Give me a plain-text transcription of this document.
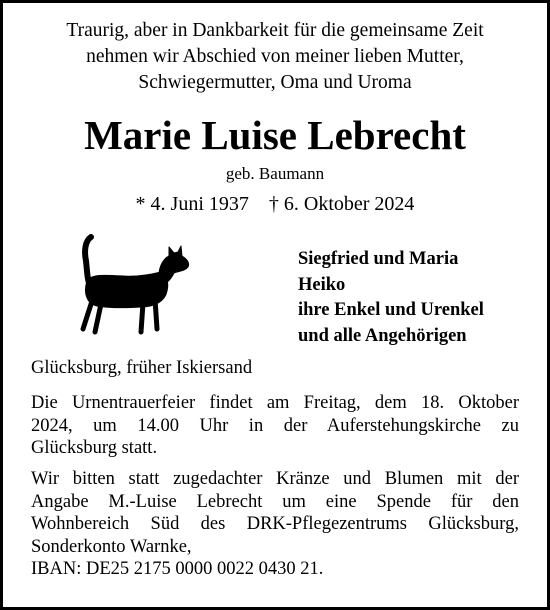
Traurig, aber in Dankbarkeit für die gemeinsame Zeit
nehmen wir Abschied von meiner lieben Mutter,
Schwiegermutter, Oma und Uroma
Marie Luise Lebrecht
geb. Baumann
* 4. Juni 1937 † 6. Oktober 2024
Siegfried und Maria
Heiko
ihre Enkel und Urenkel
und alle Angehörigen
Glücksburg, früher Iskiersand
Die Urnentrauerfeier findet am Freitag, dem 18. Oktober
2024, um 14.00 Uhr in der Auferstehungskirche zu
Glücksburg statt.
Wir bitten statt zugedachter Kränze und Blumen mit der
Angabe M.-Luise Lebrecht um eine Spende für den
Wohnbereich Süd des DRK-Pflegezentrums Glücksburg,
Sonderkonto Warnke,
IBAN: DE25 2175 0000 0022 0430 21.
